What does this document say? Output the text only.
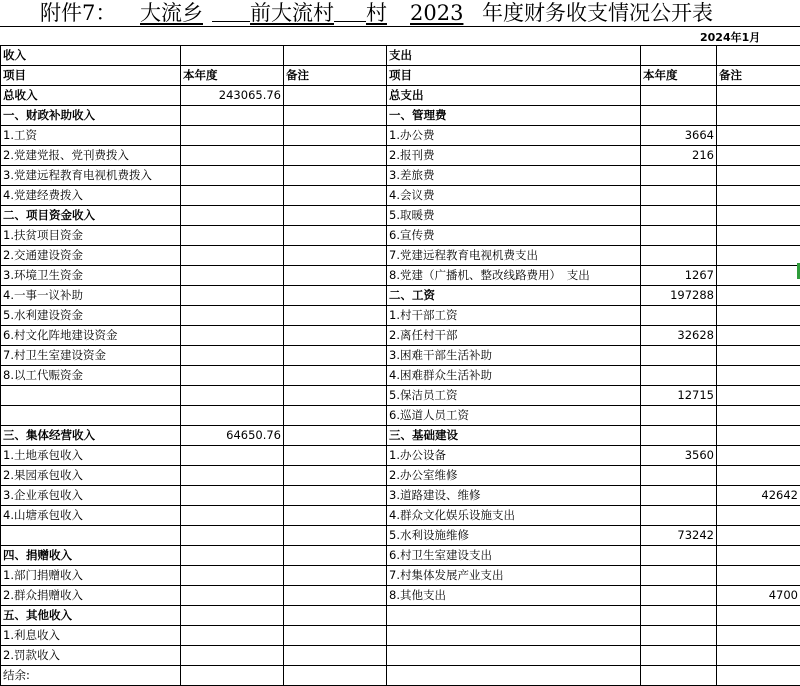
附件7： 大流乡 前大流村 村 2023 年度财务收支情况公开表
2024年1月
收入			支出		
项目	本年度	备注	项目	本年度	备注
总收入	243065.76		总支出		
一、财政补助收入			一、管理费		
1.工资			1.办公费	3664	
2.党建党报、党刊费拨入			2.报刊费	216	
3.党建远程教育电视机费拨入			3.差旅费		
4.党建经费拨入			4.会议费		
二、项目资金收入			5.取暖费		
1.扶贫项目资金			6.宣传费		
2.交通建设资金			7.党建远程教育电视机费支出		
3.环境卫生资金			8.党建（广播机、整改线路费用）　支出	1267	
4.一事一议补助			二、工资	197288	
5.水利建设资金			1.村干部工资		
6.村文化阵地建设资金			2.离任村干部	32628	
7.村卫生室建设资金			3.困难干部生活补助		
8.以工代赈资金			4.困难群众生活补助		
			5.保洁员工资	12715	
			6.巡道人员工资		
三、集体经营收入	64650.76		三、基础建设		
1.土地承包收入			1.办公设备	3560	
2.果园承包收入			2.办公室维修		
3.企业承包收入			3.道路建设、维修		42642
4.山塘承包收入			4.群众文化娱乐设施支出		
			5.水利设施维修	73242	
四、捐赠收入			6.村卫生室建设支出		
1.部门捐赠收入			7.村集体发展产业支出		
2.群众捐赠收入			8.其他支出		4700
五、其他收入					
1.利息收入					
2.罚款收入					
结余:					
